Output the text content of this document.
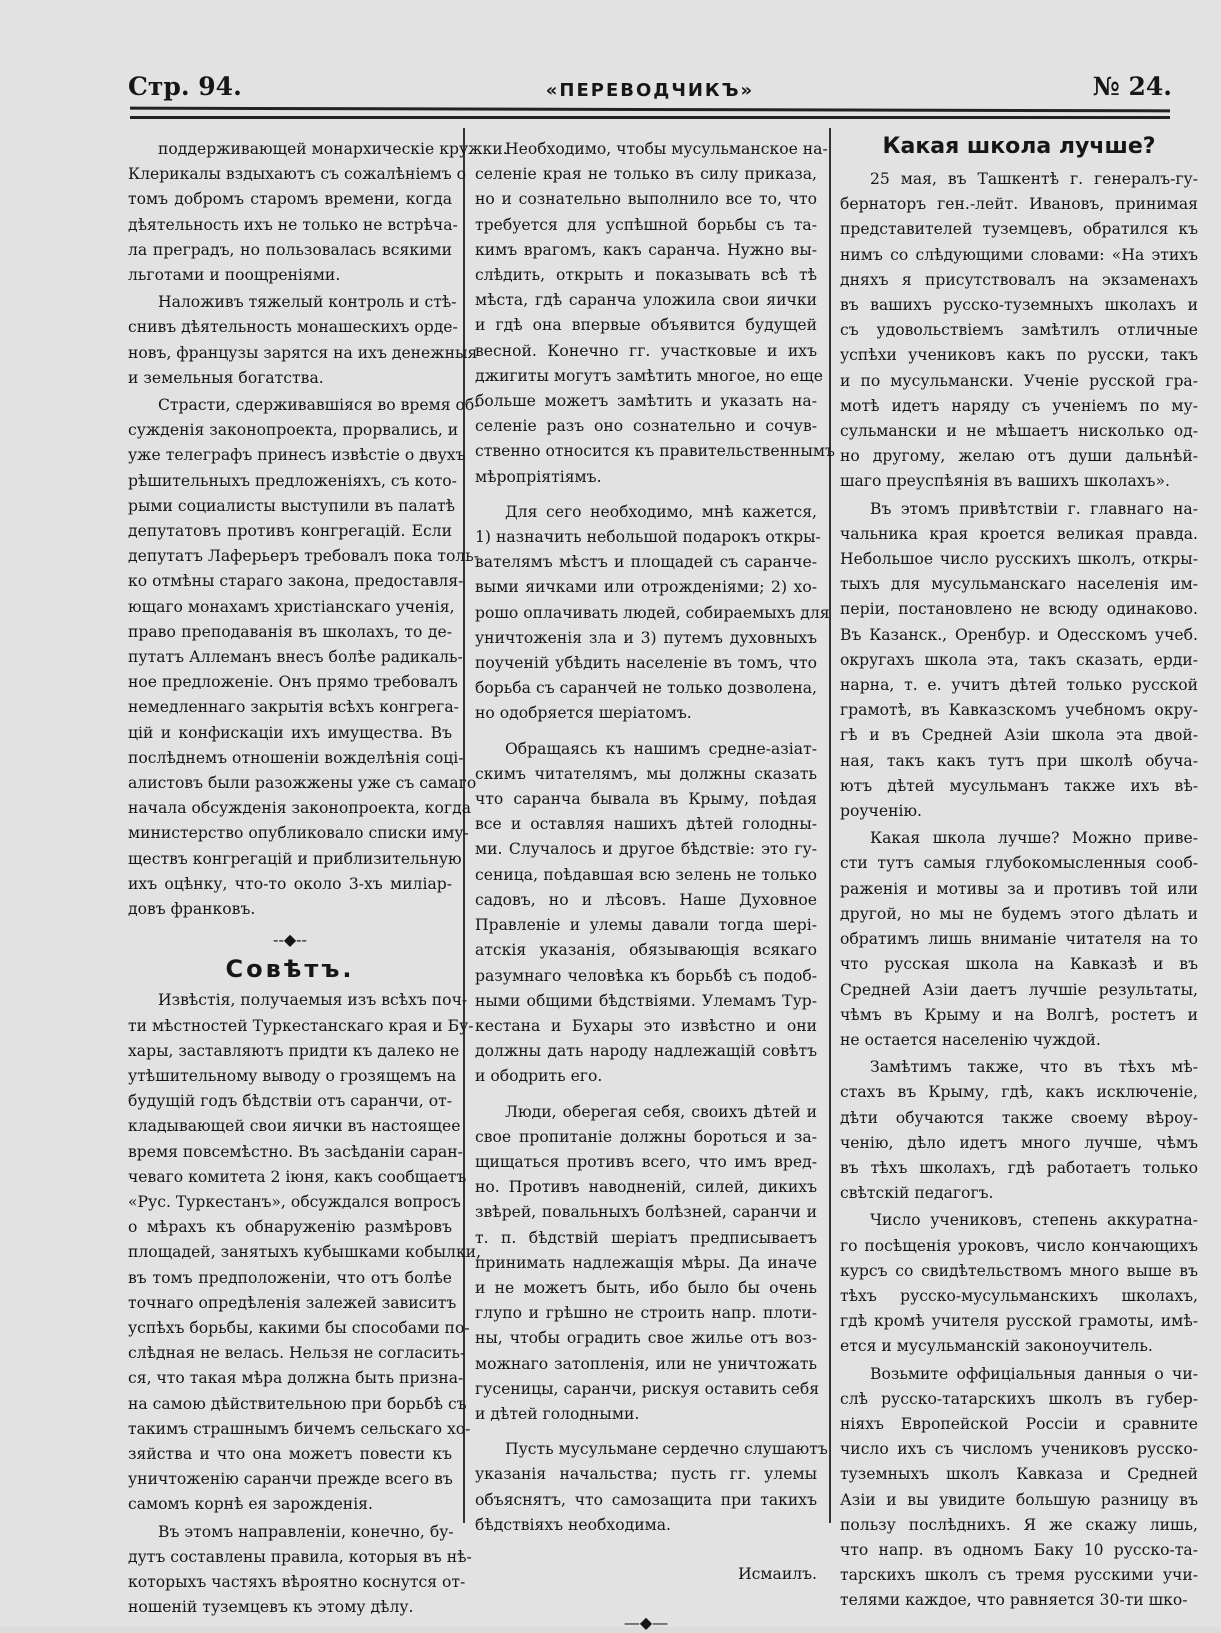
Стр. 94.	«ПЕРЕВОДЧИКЪ»	№ 24.
поддерживающей монархическіе кружки.
Клерикалы вздыхаютъ съ сожалѣніемъ о
томъ добромъ старомъ времени, когда
дѣятельность ихъ не только не встрѣча-
ла преградъ, но пользовалась всякими
льготами и поощреніями.
Наложивъ тяжелый контроль и стѣ-
снивъ дѣятельность монашескихъ орде-
новъ, французы зарятся на ихъ денежныя
и земельныя богатства.
Страсти, сдерживавшіяся во время об-
сужденія законопроекта, прорвались, и
уже телеграфъ принесъ извѣстіе о двухъ
рѣшительныхъ предложеніяхъ, съ кото-
рыми социалисты выступили въ палатѣ
депутатовъ противъ конгрегацій. Если
депутатъ Лаферьеръ требовалъ пока толь-
ко отмѣны стараго закона, предоставля-
ющаго монахамъ христіанскаго ученія,
право преподаванія въ школахъ, то де-
путатъ Аллеманъ внесъ болѣе радикаль-
ное предложеніе. Онъ прямо требовалъ
немедленнаго закрытія всѣхъ конгрега-
цій и конфискаціи ихъ имущества. Въ
послѣднемъ отношеніи вожделѣнія соці-
алистовъ были разожжены уже съ самаго
начала обсужденія законопроекта, когда
министерство опубликовало списки иму-
ществъ конгрегацій и приблизительную
ихъ оцѣнку, что-то около 3-хъ миліар-
довъ франковъ.
--◆--
Совѣтъ.
Извѣстія, получаемыя изъ всѣхъ поч-
ти мѣстностей Туркестанскаго края и Бу-
хары, заставляютъ придти къ далеко не
утѣшительному выводу о грозящемъ на
будущій годъ бѣдствіи отъ саранчи, от-
кладывающей свои яички въ настоящее
время повсемѣстно. Въ засѣданіи саран-
чеваго комитета 2 іюня, какъ сообщаетъ
«Рус. Туркестанъ», обсуждался вопросъ
о мѣрахъ къ обнаруженію размѣровъ
площадей, занятыхъ кубышками кобылки,
въ томъ предположеніи, что отъ болѣе
точнаго опредѣленія залежей зависитъ
успѣхъ борьбы, какими бы способами по-
слѣдная не велась. Нельзя не согласить-
ся, что такая мѣра должна быть призна-
на самою дѣйствительною при борьбѣ съ
такимъ страшнымъ бичемъ сельскаго хо-
зяйства и что она можетъ повести къ
уничтоженію саранчи прежде всего въ
самомъ корнѣ ея зарожденія.
Въ этомъ направленіи, конечно, бу-
дутъ составлены правила, которыя въ нѣ-
которыхъ частяхъ вѣроятно коснутся от-
ношеній туземцевъ къ этому дѣлу.
Необходимо, чтобы мусульманское на-
селеніе края не только въ силу приказа,
но и сознательно выполнило все то, что
требуется для успѣшной борьбы съ та-
кимъ врагомъ, какъ саранча. Нужно вы-
слѣдить, открыть и показывать всѣ тѣ
мѣста, гдѣ саранча уложила свои яички
и гдѣ она впервые объявится будущей
весной. Конечно гг. участковые и ихъ
джигиты могутъ замѣтить многое, но еще
больше можетъ замѣтить и указать на-
селеніе разъ оно сознательно и сочув-
ственно относится къ правительственнымъ
мѣропріятіямъ.
Для сего необходимо, мнѣ кажется,
1) назначить небольшой подарокъ откры-
вателямъ мѣстъ и площадей съ саранче-
выми яичками или отрожденіями; 2) хо-
рошо оплачивать людей, собираемыхъ для
уничтоженія зла и 3) путемъ духовныхъ
поученій убѣдить населеніе въ томъ, что
борьба съ саранчей не только дозволена,
но одобряется шеріатомъ.
Обращаясь къ нашимъ средне-азіат-
скимъ читателямъ, мы должны сказать
что саранча бывала въ Крыму, поѣдая
все и оставляя нашихъ дѣтей голодны-
ми. Случалось и другое бѣдствіе: это гу-
сеница, поѣдавшая всю зелень не только
садовъ, но и лѣсовъ. Наше Духовное
Правленіе и улемы давали тогда шері-
атскія указанія, обязывающія всякаго
разумнаго человѣка къ борьбѣ съ подоб-
ными общими бѣдствіями. Улемамъ Тур-
кестана и Бухары это извѣстно и они
должны дать народу надлежащій совѣтъ
и ободрить его.
Люди, оберегая себя, своихъ дѣтей и
свое пропитаніе должны бороться и за-
щищаться противъ всего, что имъ вред-
но. Противъ наводненій, силей, дикихъ
звѣрей, повальныхъ болѣзней, саранчи и
т. п. бѣдствій шеріатъ предписываетъ
принимать надлежащія мѣры. Да иначе
и не можетъ быть, ибо было бы очень
глупо и грѣшно не строить напр. плоти-
ны, чтобы оградить свое жилье отъ воз-
можнаго затопленія, или не уничтожать
гусеницы, саранчи, рискуя оставить себя
и дѣтей голодными.
Пусть мусульмане сердечно слушаютъ
указанія начальства; пусть гг. улемы
объяснятъ, что самозащита при такихъ
бѣдствіяхъ необходима.
Исмаилъ.
—◆—
Какая школа лучше?
25 мая, въ Ташкентѣ г. генералъ-гу-
бернаторъ ген.-лейт. Ивановъ, принимая
представителей туземцевъ, обратился къ
нимъ со слѣдующими словами: «На этихъ
дняхъ я присутствовалъ на экзаменахъ
въ вашихъ русско-туземныхъ школахъ и
съ удовольствіемъ замѣтилъ отличные
успѣхи учениковъ какъ по русски, такъ
и по мусульмански. Ученіе русской гра-
мотѣ идетъ наряду съ ученіемъ по му-
сульмански и не мѣшаетъ нисколько од-
но другому, желаю отъ души дальнѣй-
шаго преуспѣянія въ вашихъ школахъ».
Въ этомъ привѣтствіи г. главнаго на-
чальника края кроется великая правда.
Небольшое число русскихъ школъ, откры-
тыхъ для мусульманскаго населенія им-
періи, постановлено не всюду одинаково.
Въ Казанск., Оренбур. и Одесскомъ учеб.
округахъ школа эта, такъ сказать, ерди-
нарна, т. е. учитъ дѣтей только русской
грамотѣ, въ Кавказскомъ учебномъ окру-
гѣ и въ Средней Азіи школа эта двой-
ная, такъ какъ тутъ при школѣ обуча-
ютъ дѣтей мусульманъ также ихъ вѣ-
роученію.
Какая школа лучше? Можно приве-
сти тутъ самыя глубокомысленныя сооб-
раженія и мотивы за и противъ той или
другой, но мы не будемъ этого дѣлать и
обратимъ лишь вниманіе читателя на то
что русская школа на Кавказѣ и въ
Средней Азіи даетъ лучшіе результаты,
чѣмъ въ Крыму и на Волгѣ, ростетъ и
не остается населенію чуждой.
Замѣтимъ также, что въ тѣхъ мѣ-
стахъ въ Крыму, гдѣ, какъ исключеніе,
дѣти обучаются также своему вѣроу-
ченію, дѣло идетъ много лучше, чѣмъ
въ тѣхъ школахъ, гдѣ работаетъ только
свѣтскій педагогъ.
Число учениковъ, степень аккуратна-
го посѣщенія уроковъ, число кончающихъ
курсъ со свидѣтельствомъ много выше въ
тѣхъ русско-мусульманскихъ школахъ,
гдѣ кромѣ учителя русской грамоты, имѣ-
ется и мусульманскій законоучитель.
Возьмите оффиціальныя данныя о чи-
слѣ русско-татарскихъ школъ въ губер-
ніяхъ Европейской Россіи и сравните
число ихъ съ числомъ учениковъ русско-
туземныхъ школъ Кавказа и Средней
Азіи и вы увидите большую разницу въ
пользу послѣднихъ. Я же скажу лишь,
что напр. въ одномъ Баку 10 русско-та-
тарскихъ школъ съ тремя русскими учи-
телями каждое, что равняется 30-ти шко-
